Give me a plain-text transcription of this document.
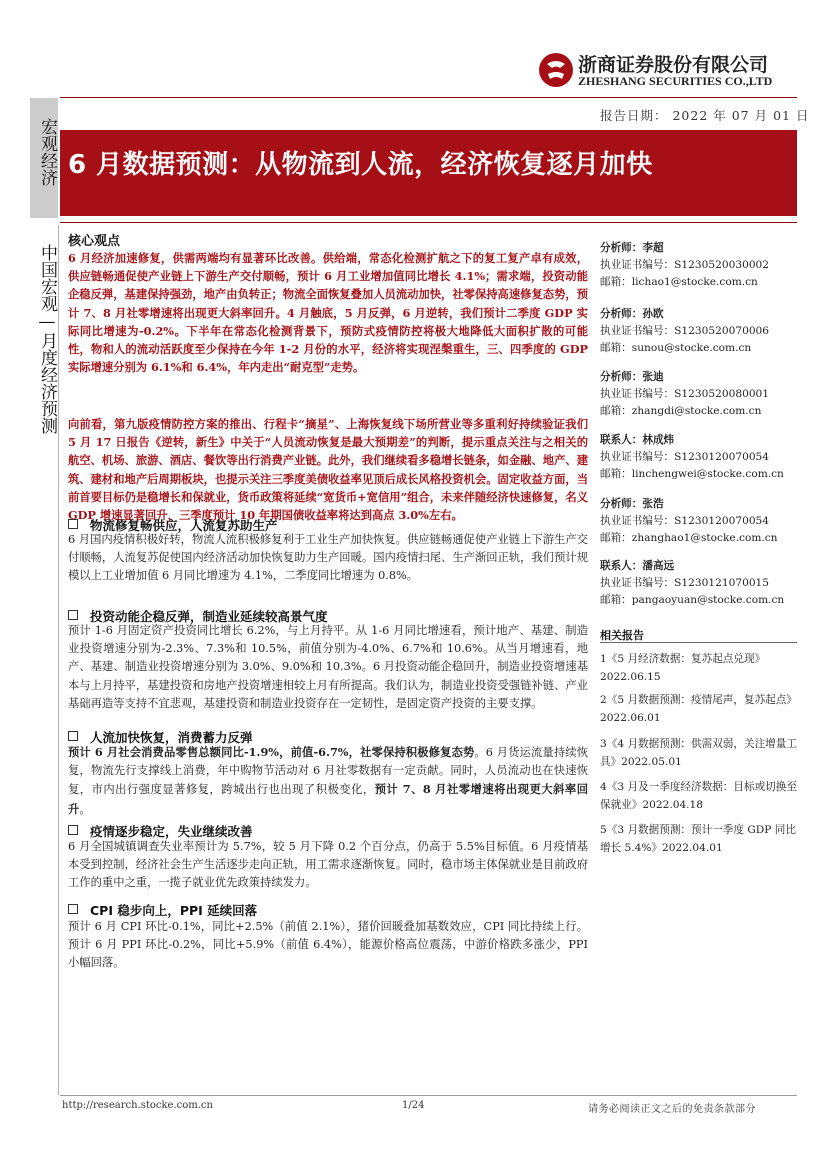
浙商证券股份有限公司
ZHESHANG SECURITIES CO.,LTD
宏观经济
报告日期： 2022 年 07 月 01 日
6 月数据预测：从物流到人流，经济恢复逐月加快
中国宏观—月度经济预测
核心观点
6 月经济加速修复，供需两端均有显著环比改善。供给端，常态化检测扩航之下的复工复产卓有成效，供应链畅通促使产业链上下游生产交付顺畅，预计 6 月工业增加值同比增长 4.1%；需求端，投资动能企稳反弹，基建保持强劲，地产由负转正；物流全面恢复叠加人员流动加快，社零保持高速修复态势，预计 7、8 月社零增速将出现更大斜率回升。4 月触底，5 月反弹，6 月逆转，我们预计二季度 GDP 实际同比增速为-0.2%。下半年在常态化检测背景下，预防式疫情防控将极大地降低大面积扩散的可能性，物和人的流动活跃度至少保持在今年 1-2 月份的水平，经济将实现涅槃重生，三、四季度的 GDP 实际增速分别为 6.1%和 6.4%，年内走出“耐克型”走势。
向前看，第九版疫情防控方案的推出、行程卡“摘星”、上海恢复线下场所营业等多重利好持续验证我们 5 月 17 日报告《逆转，新生》中关于“人员流动恢复是最大预期差”的判断，提示重点关注与之相关的航空、机场、旅游、酒店、餐饮等出行消费产业链。此外，我们继续看多稳增长链条，如金融、地产、建筑、建材和地产后周期板块，也提示关注三季度美债收益率见顶后成长风格投资机会。固定收益方面，当前首要目标仍是稳增长和保就业，货币政策将延续“宽货币+宽信用”组合，未来伴随经济快速修复，名义 GDP 增速显著回升，三季度预计 10 年期国债收益率将达到高点 3.0%左右。
物流修复畅供应，人流复苏助生产
6 月国内疫情积极好转，物流人流积极修复利于工业生产加快恢复。供应链畅通促使产业链上下游生产交付顺畅，人流复苏促使国内经济活动加快恢复助力生产回暖。国内疫情扫尾、生产渐回正轨，我们预计规模以上工业增加值 6 月同比增速为 4.1%，二季度同比增速为 0.8%。
投资动能企稳反弹，制造业延续较高景气度
预计 1-6 月固定资产投资同比增长 6.2%，与上月持平。从 1-6 月同比增速看，预计地产、基建、制造业投资增速分别为-2.3%、7.3%和 10.5%，前值分别为-4.0%、6.7%和 10.6%。从当月增速看，地产、基建、制造业投资增速分别为 3.0%、9.0%和 10.3%。6 月投资动能企稳回升，制造业投资增速基本与上月持平，基建投资和房地产投资增速相较上月有所提高。我们认为，制造业投资受强链补链、产业基础再造等支持不宜悲观，基建投资和制造业投资存在一定韧性，是固定资产投资的主要支撑。
人流加快恢复，消费蓄力反弹
预计 6 月社会消费品零售总额同比-1.9%，前值-6.7%，社零保持积极修复态势。6 月货运流量持续恢复，物流先行支撑线上消费，年中购物节活动对 6 月社零数据有一定贡献。同时，人员流动也在快速恢复，市内出行强度显著修复，跨城出行也出现了积极变化，预计 7、8 月社零增速将出现更大斜率回升。
疫情逐步稳定，失业继续改善
6 月全国城镇调查失业率预计为 5.7%，较 5 月下降 0.2 个百分点，仍高于 5.5%目标值。6 月疫情基本受到控制，经济社会生产生活逐步走向正轨，用工需求逐渐恢复。同时，稳市场主体保就业是目前政府工作的重中之重，一揽子就业优先政策持续发力。
CPI 稳步向上，PPI 延续回落
预计 6 月 CPI 环比-0.1%，同比+2.5%（前值 2.1%），猪价回暖叠加基数效应，CPI 同比持续上行。预计 6 月 PPI 环比-0.2%，同比+5.9%（前值 6.4%），能源价格高位震荡，中游价格跌多涨少，PPI 小幅回落。
分析师：李超
执业证书编号：S1230520030002
邮箱：lichao1@stocke.com.cn
分析师：孙欧
执业证书编号：S1230520070006
邮箱：sunou@stocke.com.cn
分析师：张迪
执业证书编号：S1230520080001
邮箱：zhangdi@stocke.com.cn
联系人：林成炜
执业证书编号：S1230120070054
邮箱：linchengwei@stocke.com.cn
分析师：张浩
执业证书编号：S1230120070054
邮箱：zhanghao1@stocke.com.cn
联系人：潘高远
执业证书编号：S1230121070015
邮箱：pangaoyuan@stocke.com.cn
相关报告
1《5 月经济数据：复苏起点兑现》2022.06.15
2《5 月数据预测：疫情尾声，复苏起点》2022.06.01
3《4 月数据预测：供需双弱，关注增量工具》2022.05.01
4《3 月及一季度经济数据：目标或切换至保就业》2022.04.18
5《3 月数据预测：预计一季度 GDP 同比增长 5.4%》2022.04.01
http://research.stocke.com.cn	1/24	请务必阅读正文之后的免责条款部分
